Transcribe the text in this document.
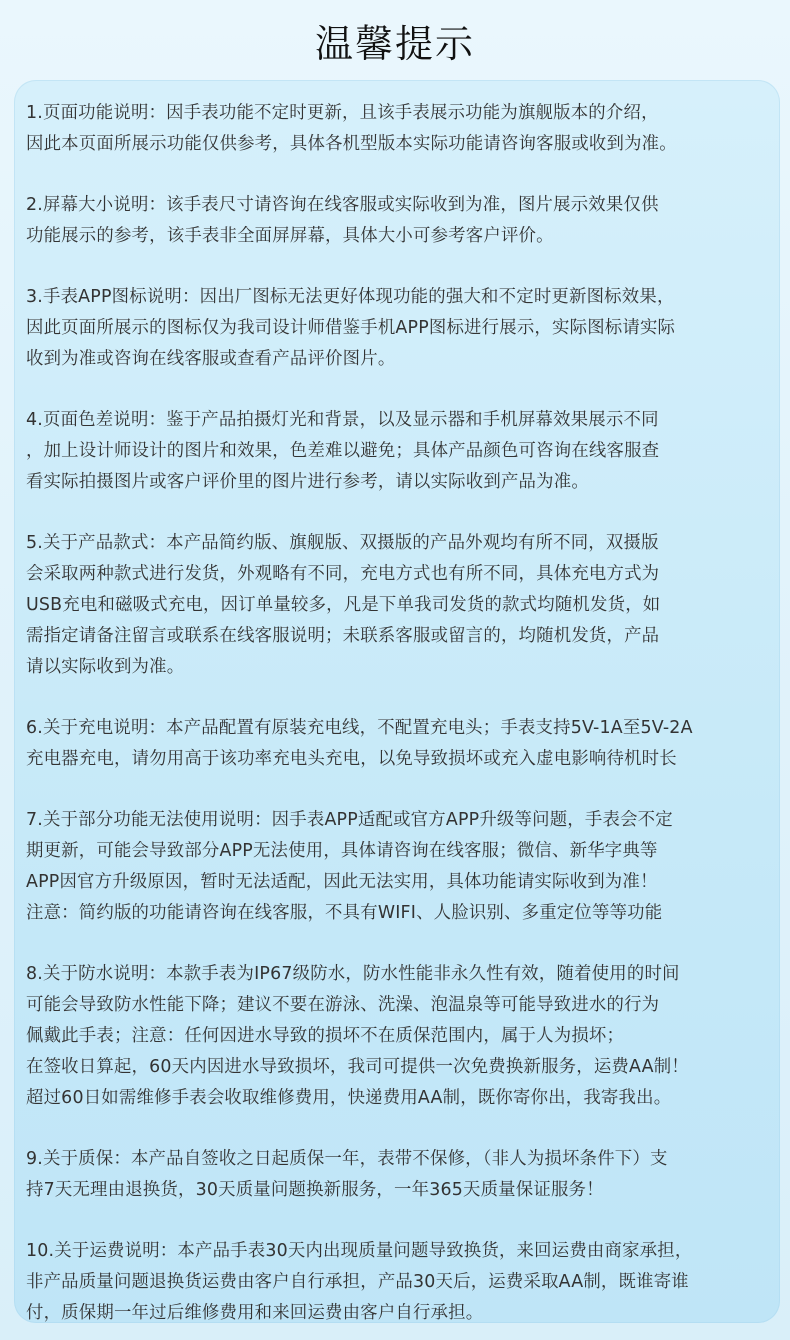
温馨提示
1.页面功能说明：因手表功能不定时更新，且该手表展示功能为旗舰版本的介绍，
因此本页面所展示功能仅供参考，具体各机型版本实际功能请咨询客服或收到为准。
2.屏幕大小说明：该手表尺寸请咨询在线客服或实际收到为准，图片展示效果仅供
功能展示的参考，该手表非全面屏屏幕，具体大小可参考客户评价。
3.手表APP图标说明：因出厂图标无法更好体现功能的强大和不定时更新图标效果，
因此页面所展示的图标仅为我司设计师借鉴手机APP图标进行展示，实际图标请实际
收到为准或咨询在线客服或查看产品评价图片。
4.页面色差说明：鉴于产品拍摄灯光和背景，以及显示器和手机屏幕效果展示不同
，加上设计师设计的图片和效果，色差难以避免；具体产品颜色可咨询在线客服查
看实际拍摄图片或客户评价里的图片进行参考，请以实际收到产品为准。
5.关于产品款式：本产品简约版、旗舰版、双摄版的产品外观均有所不同，双摄版
会采取两种款式进行发货，外观略有不同，充电方式也有所不同，具体充电方式为
USB充电和磁吸式充电，因订单量较多，凡是下单我司发货的款式均随机发货，如
需指定请备注留言或联系在线客服说明；未联系客服或留言的，均随机发货，产品
请以实际收到为准。
6.关于充电说明：本产品配置有原装充电线，不配置充电头；手表支持5V-1A至5V-2A
充电器充电，请勿用高于该功率充电头充电，以免导致损坏或充入虚电影响待机时长
7.关于部分功能无法使用说明：因手表APP适配或官方APP升级等问题，手表会不定
期更新，可能会导致部分APP无法使用，具体请咨询在线客服；微信、新华字典等
APP因官方升级原因，暂时无法适配，因此无法实用，具体功能请实际收到为准！
注意：简约版的功能请咨询在线客服，不具有WIFI、人脸识别、多重定位等等功能
8.关于防水说明：本款手表为IP67级防水，防水性能非永久性有效，随着使用的时间
可能会导致防水性能下降；建议不要在游泳、洗澡、泡温泉等可能导致进水的行为
佩戴此手表；注意：任何因进水导致的损坏不在质保范围内，属于人为损坏；
在签收日算起，60天内因进水导致损坏，我司可提供一次免费换新服务，运费AA制！
超过60日如需维修手表会收取维修费用，快递费用AA制，既你寄你出，我寄我出。
9.关于质保：本产品自签收之日起质保一年，表带不保修，（非人为损坏条件下）支
持7天无理由退换货，30天质量问题换新服务，一年365天质量保证服务！
10.关于运费说明：本产品手表30天内出现质量问题导致换货，来回运费由商家承担，
非产品质量问题退换货运费由客户自行承担，产品30天后，运费采取AA制，既谁寄谁
付，质保期一年过后维修费用和来回运费由客户自行承担。
